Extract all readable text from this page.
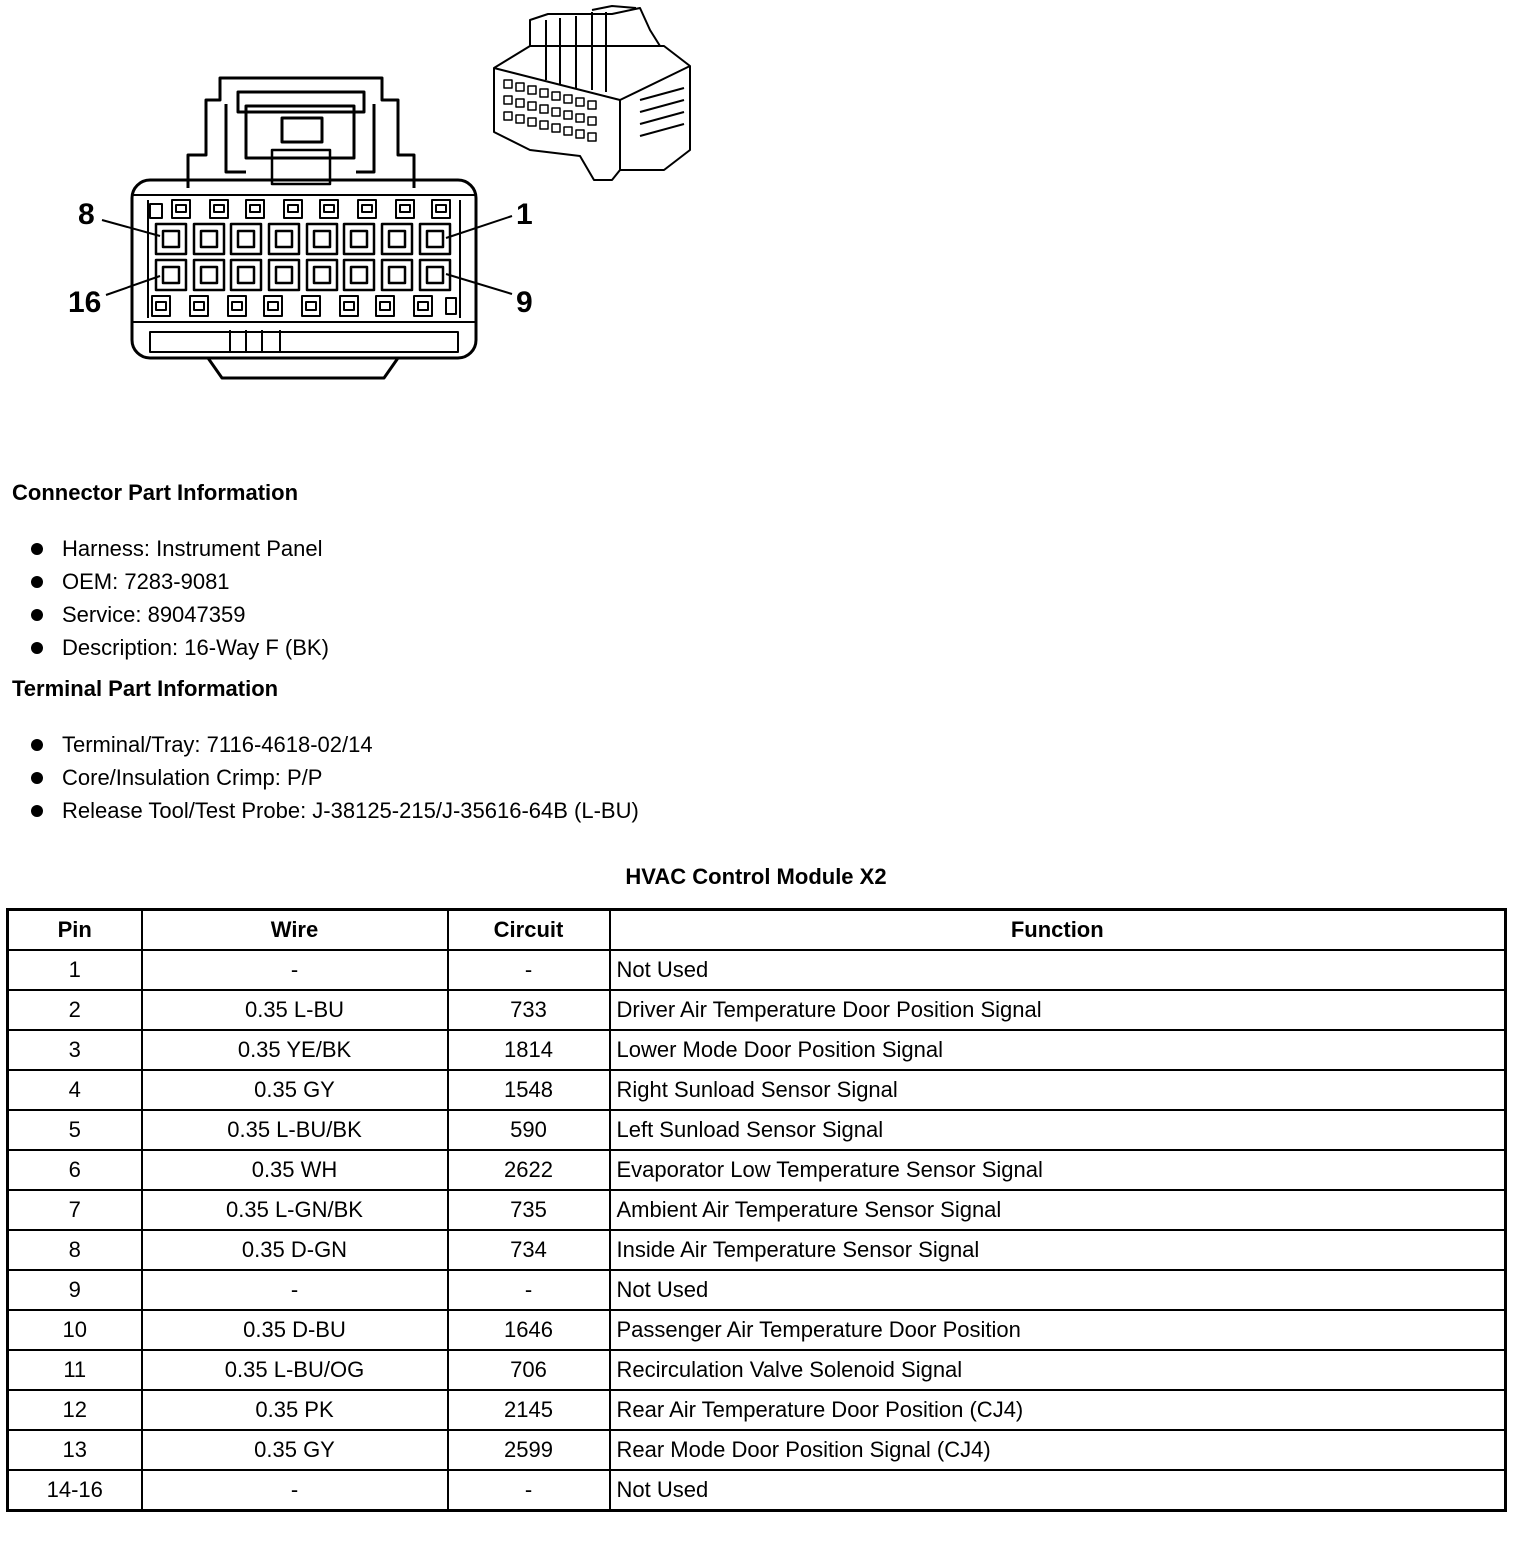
8	1
16	9
Connector Part Information
Harness: Instrument Panel
OEM: 7283-9081
Service: 89047359
Description: 16-Way F (BK)
Terminal Part Information
Terminal/Tray: 7116-4618-02/14
Core/Insulation Crimp: P/P
Release Tool/Test Probe: J-38125-215/J-35616-64B (L-BU)
HVAC Control Module X2
Pin	Wire	Circuit	Function
1	-	-	Not Used
2	0.35 L-BU	733	Driver Air Temperature Door Position Signal
3	0.35 YE/BK	1814	Lower Mode Door Position Signal
4	0.35 GY	1548	Right Sunload Sensor Signal
5	0.35 L-BU/BK	590	Left Sunload Sensor Signal
6	0.35 WH	2622	Evaporator Low Temperature Sensor Signal
7	0.35 L-GN/BK	735	Ambient Air Temperature Sensor Signal
8	0.35 D-GN	734	Inside Air Temperature Sensor Signal
9	-	-	Not Used
10	0.35 D-BU	1646	Passenger Air Temperature Door Position
11	0.35 L-BU/OG	706	Recirculation Valve Solenoid Signal
12	0.35 PK	2145	Rear Air Temperature Door Position (CJ4)
13	0.35 GY	2599	Rear Mode Door Position Signal (CJ4)
14-16	-	-	Not Used
